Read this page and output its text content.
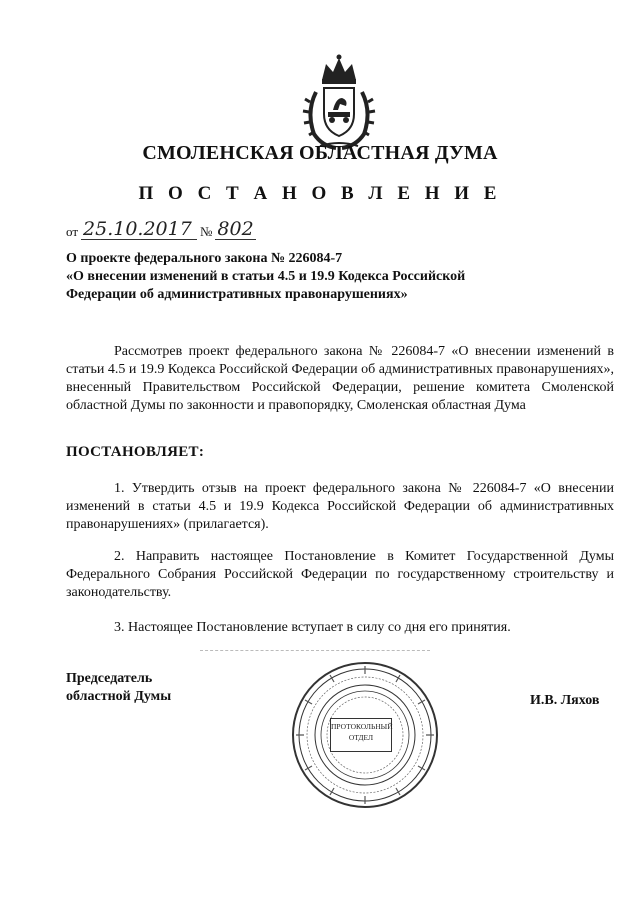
СМОЛЕНСКАЯ ОБЛАСТНАЯ ДУМА
П О С Т А Н О В Л Е Н И Е
от 25.10.2017 № 802
О проекте федерального закона № 226084-7
«О внесении изменений в статьи 4.5 и 19.9 Кодекса Российской
Федерации об административных правонарушениях»
Рассмотрев проект федерального закона № 226084-7 «О внесении изменений в статьи 4.5 и 19.9 Кодекса Российской Федерации об административных правонарушениях», внесенный Правительством Российской Федерации, решение комитета Смоленской областной Думы по законности и правопорядку, Смоленская областная Дума
ПОСТАНОВЛЯЕТ:
1. Утвердить отзыв на проект федерального закона № 226084-7 «О внесении изменений в статьи 4.5 и 19.9 Кодекса Российской Федерации об административных правонарушениях» (прилагается).
2. Направить настоящее Постановление в Комитет Государственной Думы Федерального Собрания Российской Федерации по государственному строительству и законодательству.
3. Настоящее Постановление вступает в силу со дня его принятия.
Председатель
областной Думы
ПРОТОКОЛЬНЫЙ
ОТДЕЛ
И.В. Ляхов
